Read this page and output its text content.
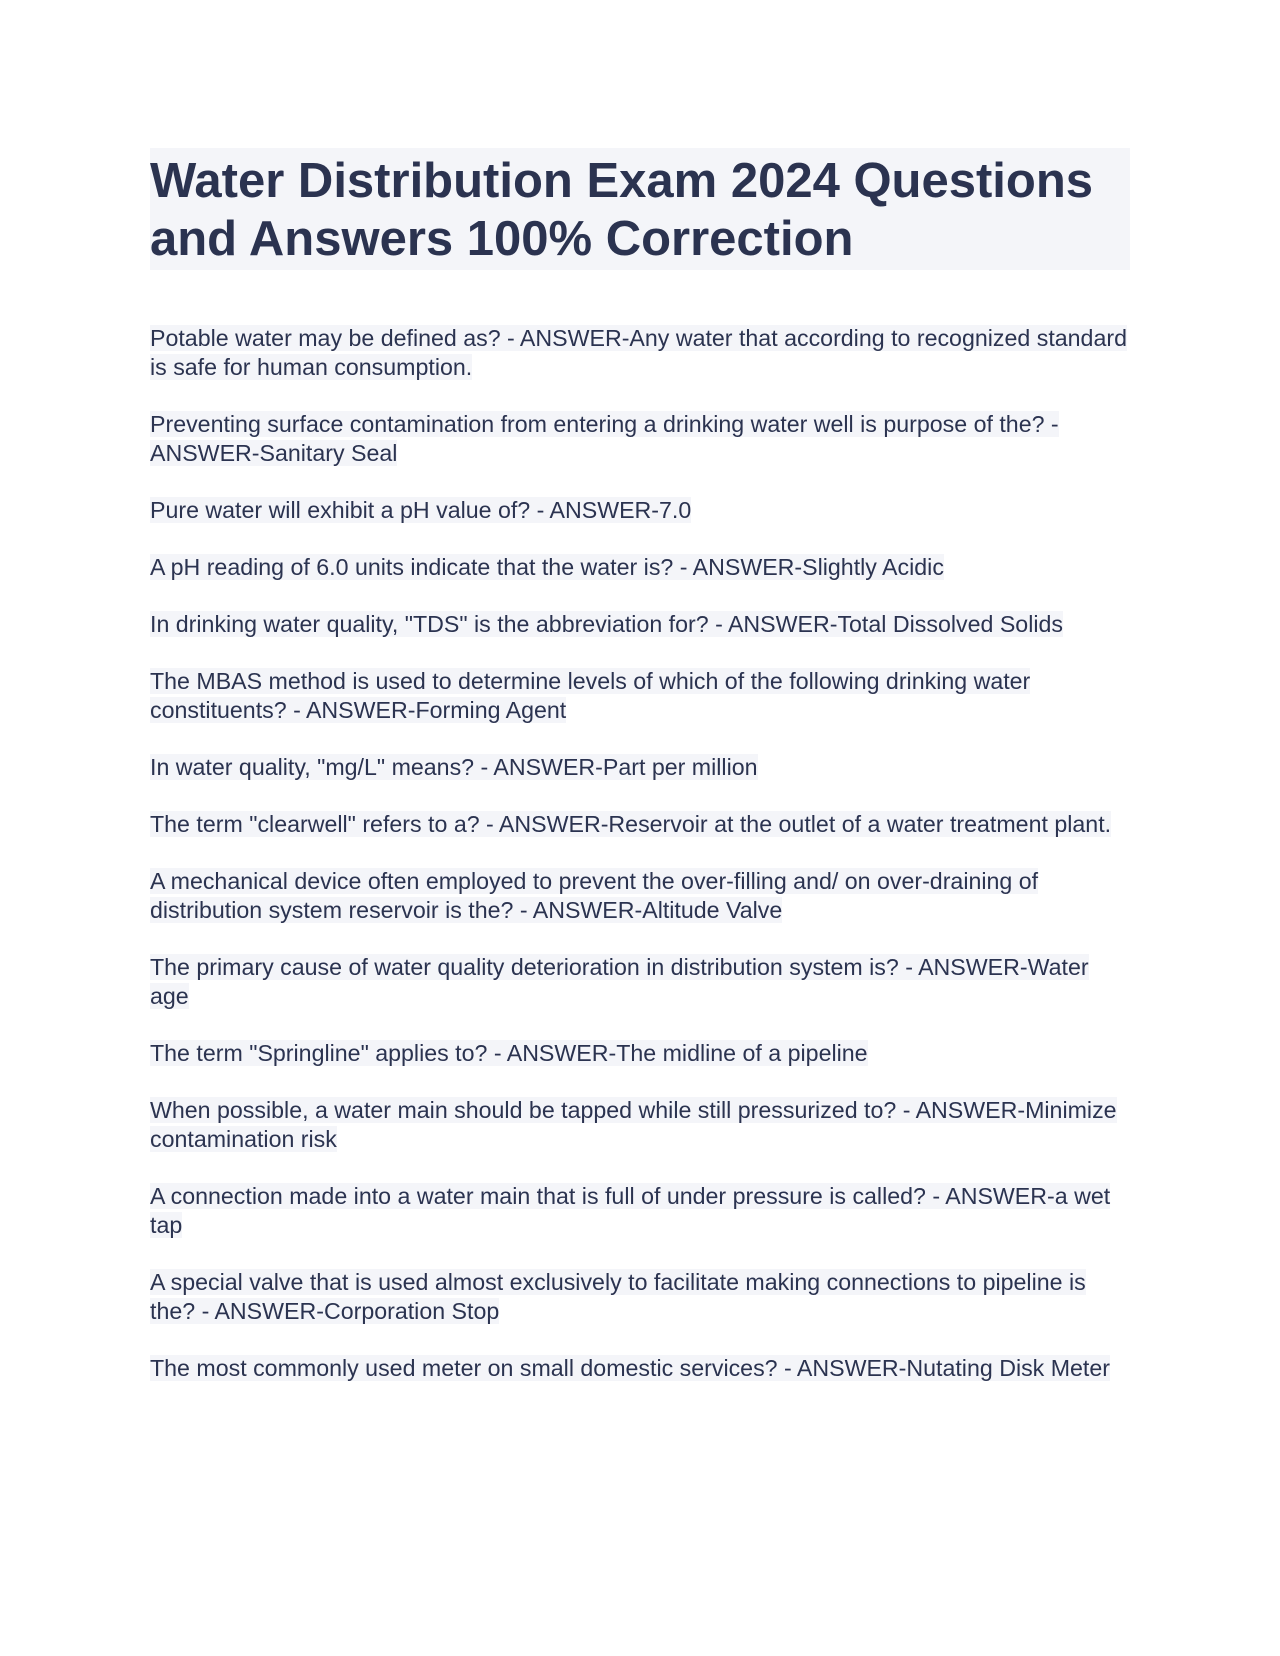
Water Distribution Exam 2024 Questions and Answers 100% Correction

Potable water may be defined as? - ANSWER-Any water that according to recognized standard is safe for human consumption.

Preventing surface contamination from entering a drinking water well is purpose of the? - ANSWER-Sanitary Seal

Pure water will exhibit a pH value of? - ANSWER-7.0

A pH reading of 6.0 units indicate that the water is? - ANSWER-Slightly Acidic

In drinking water quality, "TDS" is the abbreviation for? - ANSWER-Total Dissolved Solids

The MBAS method is used to determine levels of which of the following drinking water constituents? - ANSWER-Forming Agent

In water quality, "mg/L" means? - ANSWER-Part per million

The term "clearwell" refers to a? - ANSWER-Reservoir at the outlet of a water treatment plant.

A mechanical device often employed to prevent the over-filling and/ on over-draining of distribution system reservoir is the? - ANSWER-Altitude Valve

The primary cause of water quality deterioration in distribution system is? - ANSWER-Water age

The term "Springline" applies to? - ANSWER-The midline of a pipeline

When possible, a water main should be tapped while still pressurized to? - ANSWER-Minimize contamination risk

A connection made into a water main that is full of under pressure is called? - ANSWER-a wet tap

A special valve that is used almost exclusively to facilitate making connections to pipeline is the? - ANSWER-Corporation Stop

The most commonly used meter on small domestic services? - ANSWER-Nutating Disk Meter
